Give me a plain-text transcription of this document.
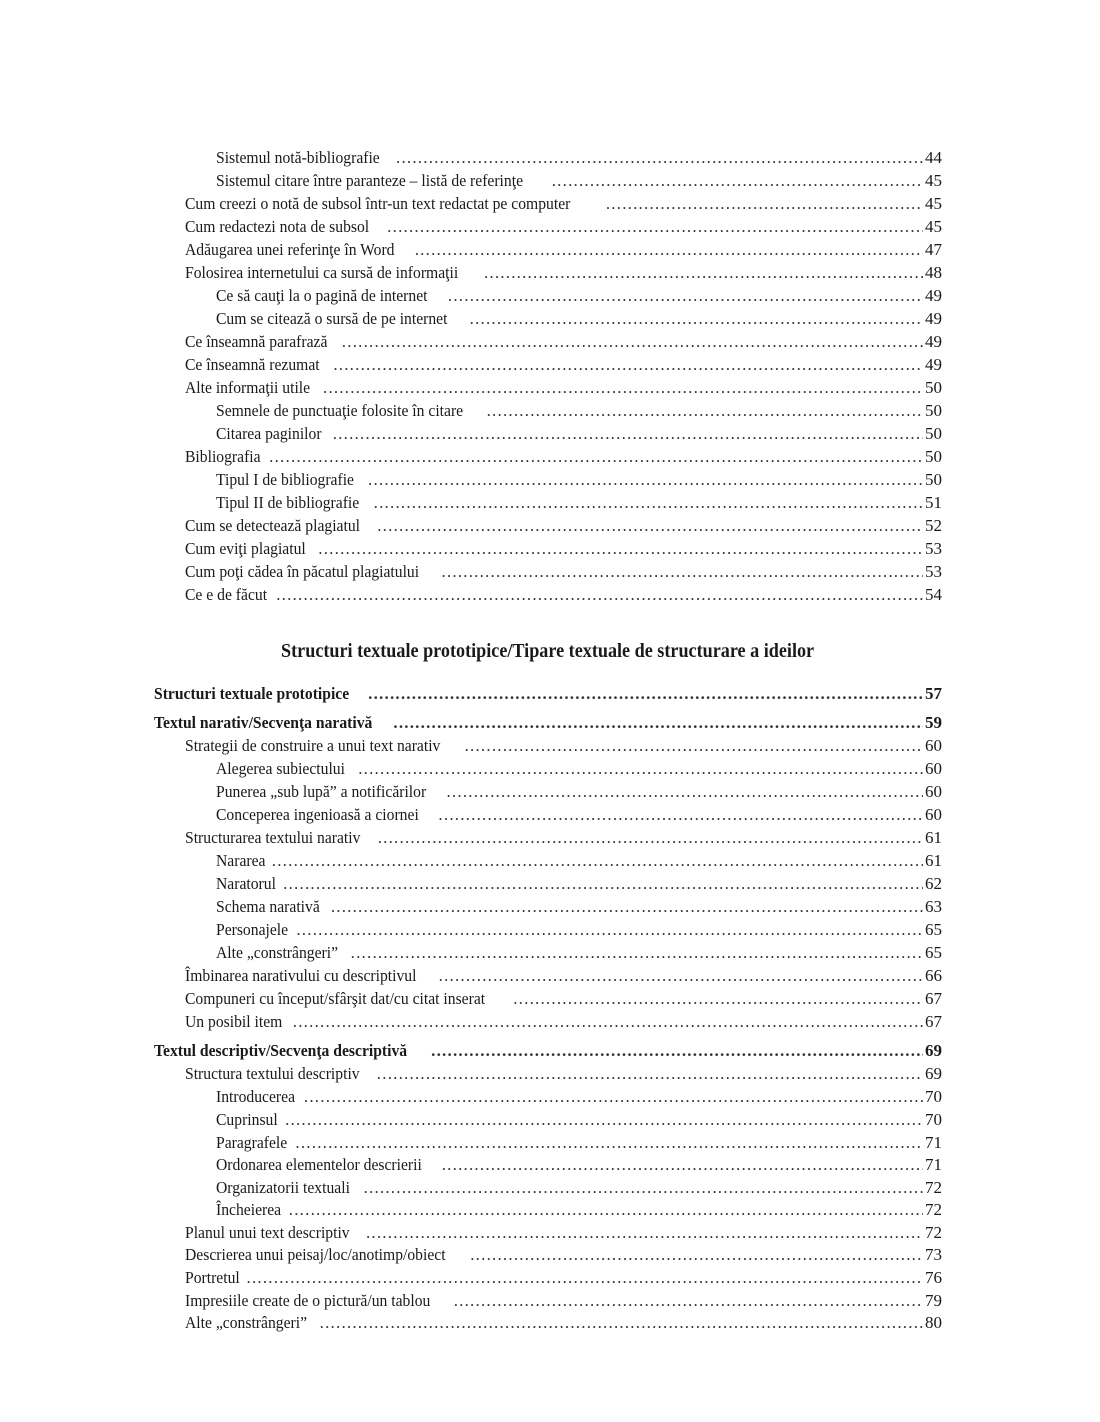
Sistemul notă-bibliografie .....	44
Sistemul citare între paranteze – listă de referinţe .....	45
Cum creezi o notă de subsol într-un text redactat pe computer .....	45
Cum redactezi nota de subsol .....	45
Adăugarea unei referinţe în Word .....	47
Folosirea internetului ca sursă de informaţii .....	48
Ce să cauţi la o pagină de internet .....	49
Cum se citează o sursă de pe internet .....	49
Ce înseamnă parafrază .....	49
Ce înseamnă rezumat .....	49
Alte informaţii utile .....	50
Semnele de punctuaţie folosite în citare .....	50
Citarea paginilor .....	50
Bibliografia .....	50
Tipul I de bibliografie .....	50
Tipul II de bibliografie .....	51
Cum se detectează plagiatul .....	52
Cum eviţi plagiatul .....	53
Cum poţi cădea în păcatul plagiatului .....	53
Ce e de făcut .....	54
Structuri textuale prototipice/Tipare textuale de structurare a ideilor
Structuri textuale prototipice .....	57
Textul narativ/Secvenţa narativă .....	59
Strategii de construire a unui text narativ .....	60
Alegerea subiectului .....	60
Punerea „sub lupă” a notificărilor .....	60
Conceperea ingenioasă a ciornei .....	60
Structurarea textului narativ .....	61
Nararea .....	61
Naratorul .....	62
Schema narativă .....	63
Personajele .....	65
Alte „constrângeri” .....	65
Îmbinarea narativului cu descriptivul .....	66
Compuneri cu început/sfârşit dat/cu citat inserat .....	67
Un posibil item .....	67
Textul descriptiv/Secvenţa descriptivă .....	69
Structura textului descriptiv .....	69
Introducerea .....	70
Cuprinsul .....	70
Paragrafele .....	71
Ordonarea elementelor descrierii .....	71
Organizatorii textuali .....	72
Încheierea .....	72
Planul unui text descriptiv .....	72
Descrierea unui peisaj/loc/anotimp/obiect .....	73
Portretul .....	76
Impresiile create de o pictură/un tablou .....	79
Alte „constrângeri” .....	80
